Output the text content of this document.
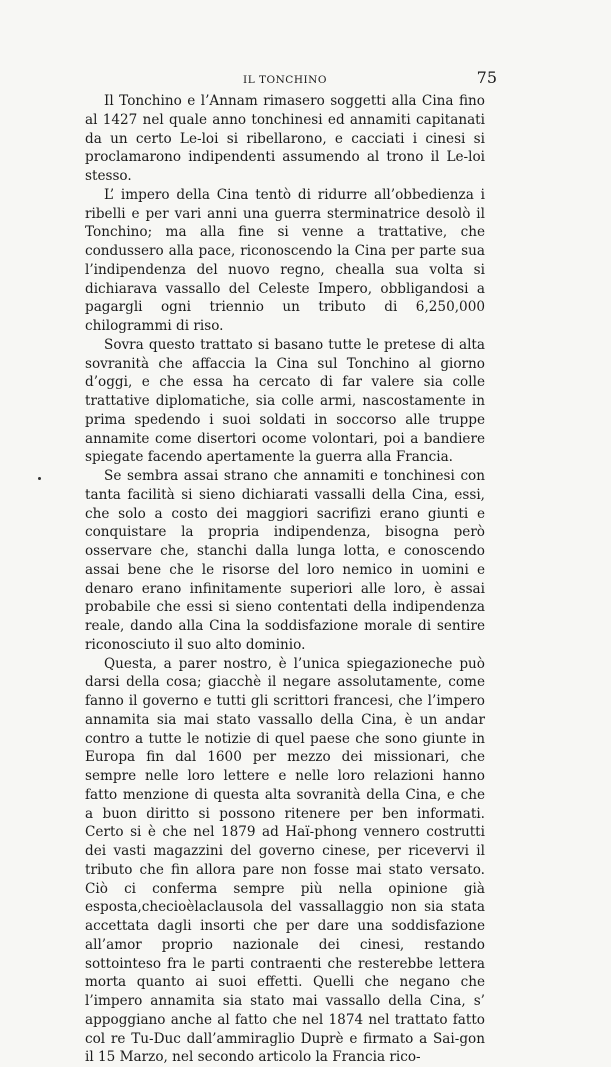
IL TONCHINO	75

Il Tonchino e l’Annam rimasero soggetti alla Cina fino al 1427 nel quale anno tonchinesi ed annamiti capitanati da un certo Le-loi si ribellarono, e cacciati i cinesi si proclamarono indipendenti assumendo al trono il Le-loi stesso.

L’ impero della Cina tentò di ridurre all’obbedienza i ribelli e per vari anni una guerra sterminatrice desolò il Tonchino; ma alla fine si venne a trattative, che condussero alla pace, riconoscendo la Cina per parte sua l’indipendenza del nuovo regno, chealla sua volta si dichiarava vassallo del Celeste Impero, obbligandosi a pagargli ogni triennio un tributo di 6,250,000 chilogrammi di riso.

Sovra questo trattato si basano tutte le pretese di alta sovranità che affaccia la Cina sul Tonchino al giorno d’oggi, e che essa ha cercato di far valere sia colle trattative diplomatiche, sia colle armi, nascostamente in prima spedendo i suoi soldati in soccorso alle truppe annamite come disertori ocome volontari, poi a bandiere spiegate facendo apertamente la guerra alla Francia.

Se sembra assai strano che annamiti e tonchinesi con tanta facilità si sieno dichiarati vassalli della Cina, essi, che solo a costo dei maggiori sacrifizi erano giunti e conquistare la propria indipendenza, bisogna però osservare che, stanchi dalla lunga lotta, e conoscendo assai bene che le risorse del loro nemico in uomini e denaro erano infinitamente superiori alle loro, è assai probabile che essi si sieno contentati della indipendenza reale, dando alla Cina la soddisfazione morale di sentire riconosciuto il suo alto dominio.

Questa, a parer nostro, è l’unica spiegazioneche può darsi della cosa; giacchè il negare assolutamente, come fanno il governo e tutti gli scrittori francesi, che l’impero annamita sia mai stato vassallo della Cina, è un andar contro a tutte le notizie di quel paese che sono giunte in Europa fin dal 1600 per mezzo dei missionari, che sempre nelle loro lettere e nelle loro relazioni hanno fatto menzione di questa alta sovranità della Cina, e che a buon diritto si possono ritenere per ben informati. Certo si è che nel 1879 ad Haï-phong vennero costrutti dei vasti magazzini del governo cinese, per ricevervi il tributo che fin allora pare non fosse mai stato versato. Ciò ci conferma sempre più nella opinione già esposta,checioèlaclausola del vassallaggio non sia stata accettata dagli insorti che per dare una soddisfazione all’amor proprio nazionale dei cinesi, restando sottointeso fra le parti contraenti che resterebbe lettera morta quanto ai suoi effetti. Quelli che negano che l’impero annamita sia stato mai vassallo della Cina, s’ appoggiano anche al fatto che nel 1874 nel trattato fatto col re Tu-Duc dall’ammiraglio Duprè e firmato a Sai-gon il 15 Marzo, nel secondo articolo la Francia rico-
